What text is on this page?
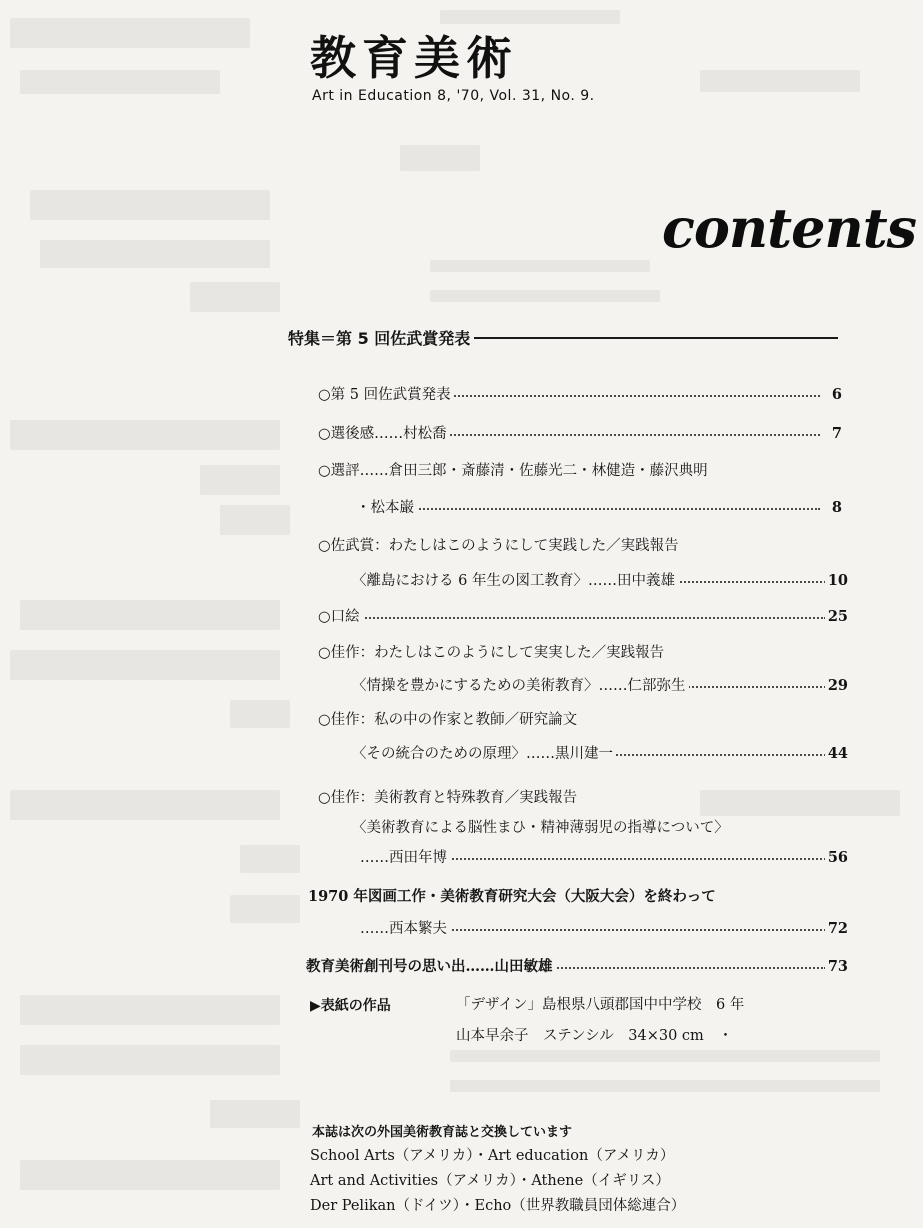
教育美術
Art in Education 8, '70, Vol. 31, No. 9.
contents
特集＝第 5 回佐武賞発表
○第 5 回佐武賞発表	6
○選後感……村松喬	7
○選評……倉田三郎・斎藤清・佐藤光二・林健造・藤沢典明
・松本巌	8
○佐武賞：わたしはこのようにして実践した／実践報告
〈離島における 6 年生の図工教育〉……田中義雄	10
○口絵	25
○佳作：わたしはこのようにして実実した／実践報告
〈情操を豊かにするための美術教育〉……仁部弥生	29
○佳作：私の中の作家と教師／研究論文
〈その統合のための原理〉……黒川建一	44
○佳作：美術教育と特殊教育／実践報告
〈美術教育による脳性まひ・精神薄弱児の指導について〉
……西田年博	56
1970 年図画工作・美術教育研究大会（大阪大会）を終わって
……西本繁夫	72
教育美術創刊号の思い出……山田敏雄	73
▶表紙の作品	「デザイン」島根県八頭郡国中中学校　6 年
山本早余子　ステンシル　34×30 cm　・
本誌は次の外国美術教育誌と交換しています
School Arts（アメリカ）・Art education（アメリカ）
Art and Activities（アメリカ）・Athene（イギリス）
Der Pelikan（ドイツ）・Echo（世界教職員団体総連合）
